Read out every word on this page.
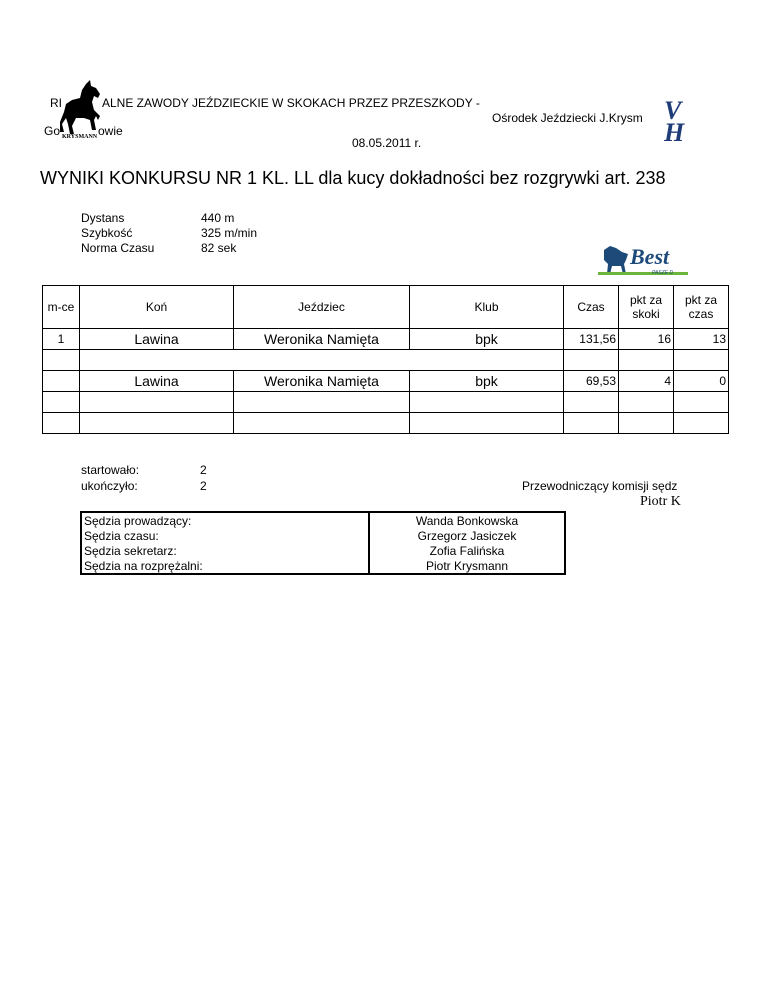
RI	ALNE ZAWODY JEŹDZIECKIE W SKOKACH PRZEZ PRZESZKODY -
Ośrodek Jeździecki J.Krysm
Go	owie
08.05.2011 r.
KRYSMANN
V H
WYNIKI KONKURSU NR 1 KL. LL dla kucy dokładności bez rozgrywki art. 238
Dystans	440 m
Szybkość	325 m/min
Norma Czasu	82 sek	Best
PASZE D
m-ce	Koń	Jeździec	Klub	Czas	pkt za skoki	pkt za czas
1	Lawina	Weronika Namięta	bpk	131,56	16	13

	Lawina	Weronika Namięta	bpk	69,53	4	0

startowało:	2
ukończyło:	2	Przewodniczący komisji sędz
Piotr K
Sędzia prowadzący:	Wanda Bonkowska
Sędzia czasu:	Grzegorz Jasiczek
Sędzia sekretarz:	Zofia Falińska
Sędzia na rozprężalni:	Piotr Krysmann
